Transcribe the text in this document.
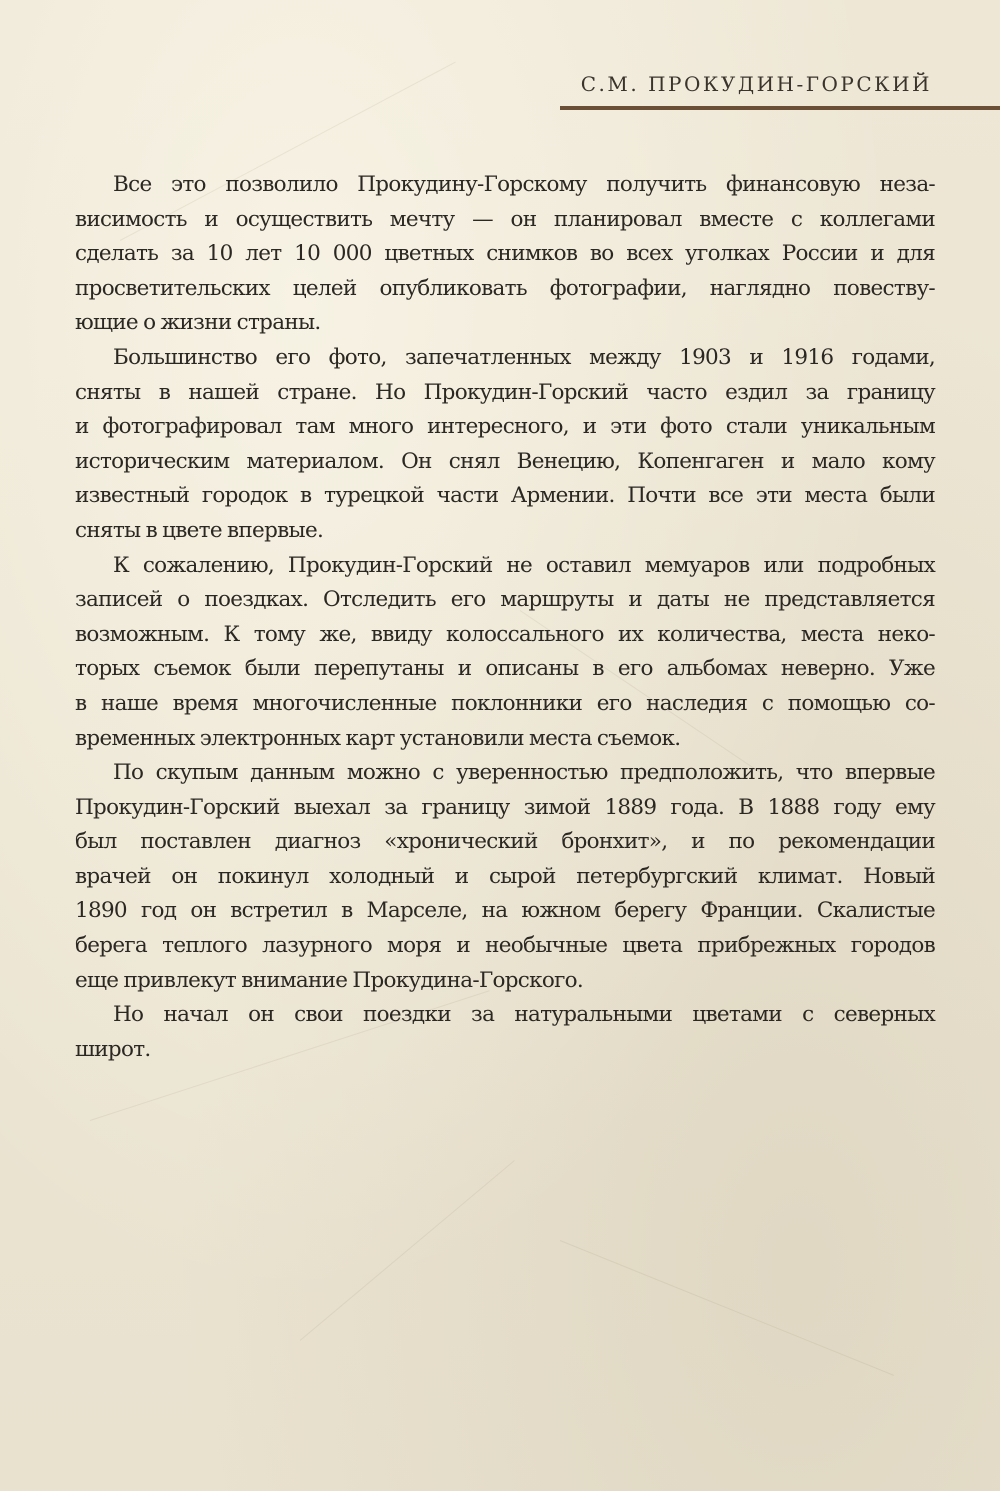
С.М. ПРОКУДИН-ГОРСКИЙ
Все это позволило Прокудину-Горскому получить финансовую неза-
висимость и осуществить мечту — он планировал вместе с коллегами
сделать за 10 лет 10 000 цветных снимков во всех уголках России и для
просветительских целей опубликовать фотографии, наглядно повеству-
ющие о жизни страны.
Большинство его фото, запечатленных между 1903 и 1916 годами,
сняты в нашей стране. Но Прокудин-Горский часто ездил за границу
и фотографировал там много интересного, и эти фото стали уникальным
историческим материалом. Он снял Венецию, Копенгаген и мало кому
известный городок в турецкой части Армении. Почти все эти места были
сняты в цвете впервые.
К сожалению, Прокудин-Горский не оставил мемуаров или подробных
записей о поездках. Отследить его маршруты и даты не представляется
возможным. К тому же, ввиду колоссального их количества, места неко-
торых съемок были перепутаны и описаны в его альбомах неверно. Уже
в наше время многочисленные поклонники его наследия с помощью со-
временных электронных карт установили места съемок.
По скупым данным можно с уверенностью предположить, что впервые
Прокудин-Горский выехал за границу зимой 1889 года. В 1888 году ему
был поставлен диагноз «хронический бронхит», и по рекомендации
врачей он покинул холодный и сырой петербургский климат. Новый
1890 год он встретил в Марселе, на южном берегу Франции. Скалистые
берега теплого лазурного моря и необычные цвета прибрежных городов
еще привлекут внимание Прокудина-Горского.
Но начал он свои поездки за натуральными цветами с северных
широт.
